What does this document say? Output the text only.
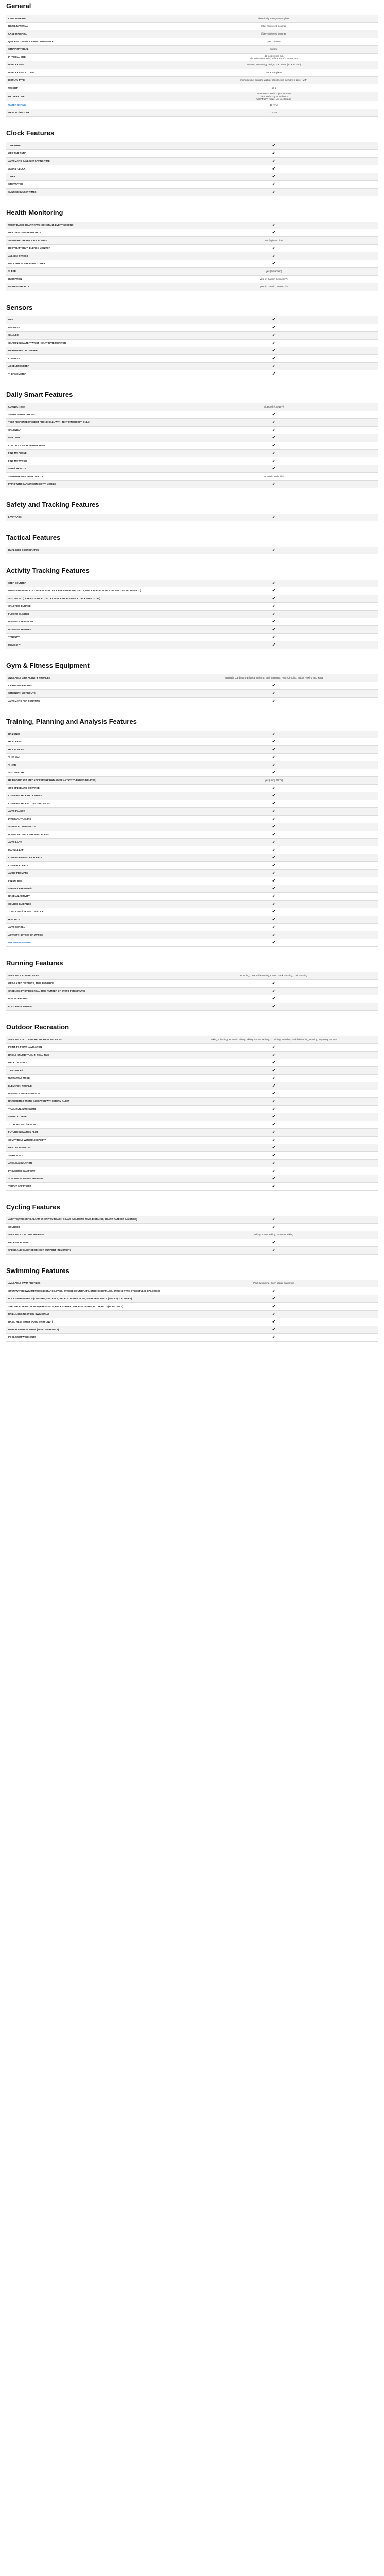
General
LENS MATERIAL	chemically strengthened glass
BEZEL MATERIAL	fiber-reinforced polymer
CASE MATERIAL	fiber-reinforced polymer
QUICKFIT™ WATCH BAND COMPATIBLE	yes (22 mm)
STRAP MATERIAL	silicone
PHYSICAL SIZE	45 x 45 x 15.3 mm
Fits wrists with a circumference of 132-224 mm
DISPLAY SIZE	custom, low-energy design; 0.9" x 0.9" (23 x 23 mm)
DISPLAY RESOLUTION	128 x 128 pixels
DISPLAY TYPE	monochrome, sunlight-visible, transflective memory-in-pixel (MIP)
WEIGHT	52 g
BATTERY LIFE	Smartwatch mode: Up to 18 days
GPS mode: Up to 15 hours
UltraTrac™ mode: Up to 40 hours
WATER RATING	10 ATM
MEMORY/HISTORY	16 MB
Clock Features
TIME/DATE	✔
GPS TIME SYNC	✔
AUTOMATIC DAYLIGHT SAVING TIME	✔
ALARM CLOCK	✔
TIMER	✔
STOPWATCH	✔
SUNRISE/SUNSET TIMES	✔
Health Monitoring
WRIST-BASED HEART RATE (CONSTANT, EVERY SECOND)	✔
DAILY RESTING HEART RATE	✔
ABNORMAL HEART RATE ALERTS	yes (high and low)
BODY BATTERY™ ENERGY MONITOR	✔
ALL-DAY STRESS	✔
RELAXATION BREATHING TIMER	✔
SLEEP	yes (advanced)
HYDRATION	yes (in Garmin Connect™)
WOMEN'S HEALTH	yes (in Garmin Connect™)
Sensors
GPS	✔
GLONASS	✔
GALILEO	✔
GARMIN ELEVATE™ WRIST HEART RATE MONITOR	✔
BAROMETRIC ALTIMETER	✔
COMPASS	✔
ACCELEROMETER	✔
THERMOMETER	✔
Daily Smart Features
CONNECTIVITY	Bluetooth®, ANT+®
SMART NOTIFICATIONS	✔
TEXT RESPONSES/REJECT PHONE CALL WITH TEXT (ANDROID™ ONLY)	✔
CALENDAR	✔
WEATHER	✔
CONTROLS SMARTPHONE MUSIC	✔
FIND MY PHONE	✔
FIND MY WATCH	✔
VIRB® REMOTE	✔
SMARTPHONE COMPATIBILITY	iPhone®, Android™
PAIRS WITH GARMIN CONNECT™ MOBILE	✔
Safety and Tracking Features
LIVETRACK	✔
Tactical Features
DUAL GRID COORDINATES	✔
Activity Tracking Features
STEP COUNTER	✔
MOVE BAR (DISPLAYS ON DEVICE AFTER A PERIOD OF INACTIVITY; WALK FOR A COUPLE OF MINUTES TO RESET IT)	✔
AUTO GOAL (LEARNS YOUR ACTIVITY LEVEL AND ASSIGNS A DAILY STEP GOAL)	✔
CALORIES BURNED	✔
FLOORS CLIMBED	✔
DISTANCE TRAVELED	✔
INTENSITY MINUTES	✔
TRUEUP™	✔
MOVE IQ™	✔
Gym & Fitness Equipment
AVAILABLE GYM ACTIVITY PROFILES	Strength, Cardio and Elliptical Training, Stair Stepping, Floor Climbing, Indoor Rowing and Yoga
CARDIO WORKOUTS	✔
STRENGTH WORKOUTS	✔
AUTOMATIC REP COUNTING	✔
Training, Planning and Analysis Features
HR ZONES	✔
HR ALERTS	✔
HR CALORIES	✔
% HR MAX	✔
% HRR	✔
AUTO MAX HR	✔
HR BROADCAST (BROADCASTS HR DATA OVER ANT+™ TO PAIRED DEVICES)	yes (using ANT+)
GPS SPEED AND DISTANCE	✔
CUSTOMIZABLE DATA PAGES	✔
CUSTOMIZABLE ACTIVITY PROFILES	✔
AUTO PAUSE®	✔
INTERVAL TRAINING	✔
ADVANCED WORKOUTS	✔
DOWNLOADABLE TRAINING PLANS	✔
AUTO LAP®	✔
MANUAL LAP	✔
CONFIGURABLE LAP ALERTS	✔
CUSTOM ALERTS	✔
AUDIO PROMPTS	✔
FINISH TIME	✔
VIRTUAL PARTNER®	✔
RACE AN ACTIVITY	✔
COURSE GUIDANCE	✔
TOUCH AND/OR BUTTON LOCK	✔
HOT KEYS	✔
AUTO SCROLL	✔
ACTIVITY HISTORY ON WATCH	✔
PACEPRO FEATURE	✔
Running Features
AVAILABLE RUN PROFILES	Running, Treadmill Running, Indoor Track Running, Trail Running
GPS-BASED DISTANCE, TIME AND PACE	✔
CADENCE (PROVIDES REAL-TIME NUMBER OF STEPS PER MINUTE)	✔
RUN WORKOUTS	✔
FOOT POD CAPABLE	✔
Outdoor Recreation
AVAILABLE OUTDOOR RECREATION PROFILES	Hiking, Climbing, Mountain Biking, Skiing, Snowboarding, XC Skiing, Stand Up Paddleboarding, Rowing, Kayaking, Tactical
POINT-TO-POINT NAVIGATION	✔
BREAD CRUMB TRAIL IN REAL TIME	✔
BACK TO START	✔
TRACBACK®	✔
ULTRATRAC MODE	✔
ELEVATION PROFILE	✔
DISTANCE TO DESTINATION	✔
BAROMETRIC TREND INDICATOR WITH STORM ALERT	✔
TRAIL RUN AUTO CLIMB	✔
VERTICAL SPEED	✔
TOTAL ASCENT/DESCENT	✔
FUTURE ELEVATION PLOT	✔
COMPATIBLE WITH BASECAMP™	✔
GPS COORDINATES	✔
SIGHT 'N GO	✔
AREA CALCULATION	✔
PROJECTED WAYPOINT	✔
SUN AND MOON INFORMATION	✔
XERO™ LOCATIONS	✔
Cycling Features
ALERTS (TRIGGERS ALARM WHEN YOU REACH GOALS INCLUDING TIME, DISTANCE, HEART RATE OR CALORIES)	✔
COURSES	✔
AVAILABLE CYCLING PROFILES	Biking, Indoor Biking, Mountain Biking
RACE AN ACTIVITY	✔
SPEED AND CADENCE SENSOR SUPPORT (IN MOTION)	✔
Swimming Features
AVAILABLE SWIM PROFILES	Pool Swimming, Open Water Swimming
OPEN-WATER SWIM METRICS (DISTANCE, PACE, STROKE COUNT/RATE, STROKE DISTANCE, STROKE TYPE (FREESTYLE), CALORIES)	✔
POOL SWIM METRICS (LENGTHS, DISTANCE, PACE, STROKE COUNT, SWIM EFFICIENCY (SWOLF), CALORIES)	✔
STROKE TYPE DETECTION (FREESTYLE, BACKSTROKE, BREASTSTROKE, BUTTERFLY) (POOL ONLY)	✔
DRILL LOGGING (POOL SWIM ONLY)	✔
BASIC REST TIMER (POOL SWIM ONLY)	✔
REPEAT ON REST TIMER (POOL SWIM ONLY)	✔
POOL SWIM WORKOUTS	✔
